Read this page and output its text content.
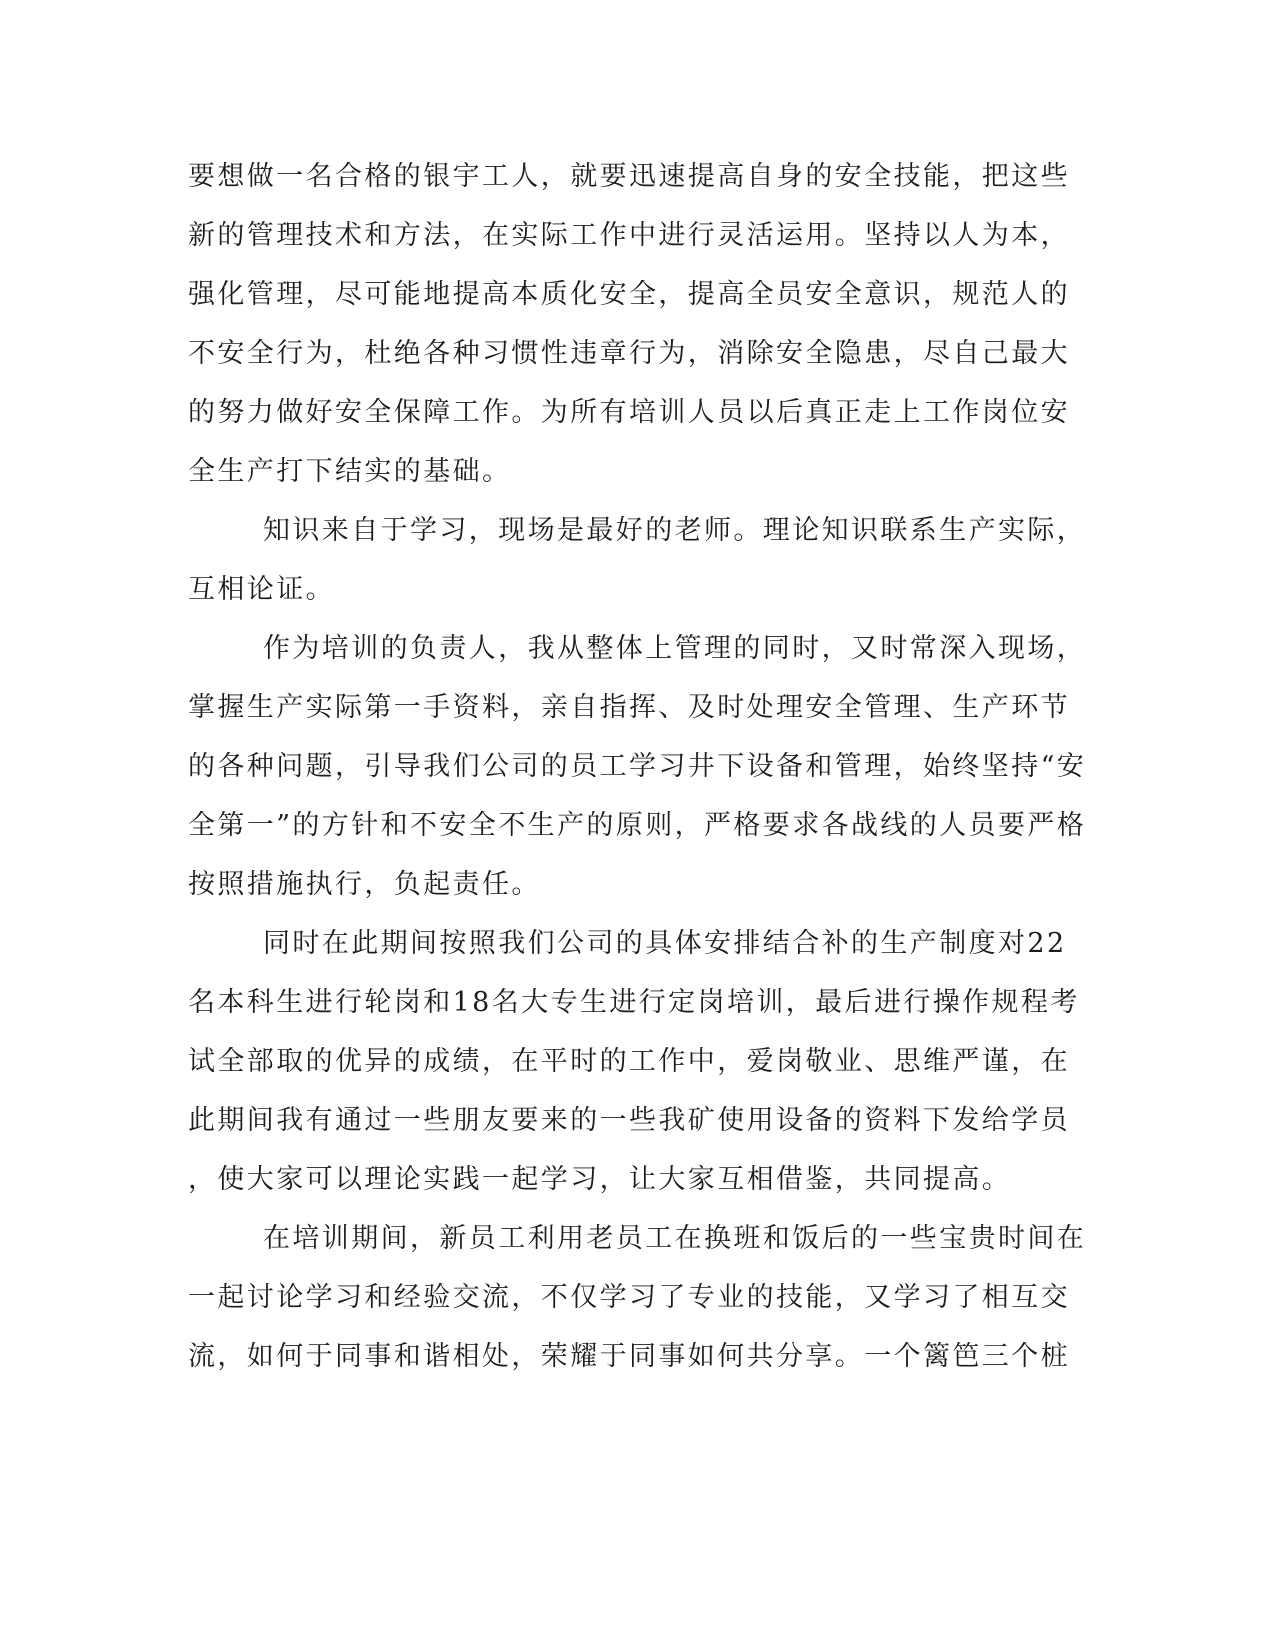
要想做一名合格的银宇工人，就要迅速提高自身的安全技能，把这些
新的管理技术和方法，在实际工作中进行灵活运用。坚持以人为本，
强化管理，尽可能地提高本质化安全，提高全员安全意识，规范人的
不安全行为，杜绝各种习惯性违章行为，消除安全隐患，尽自己最大
的努力做好安全保障工作。为所有培训人员以后真正走上工作岗位安
全生产打下结实的基础。
知识来自于学习，现场是最好的老师。理论知识联系生产实际，
互相论证。
作为培训的负责人，我从整体上管理的同时，又时常深入现场，
掌握生产实际第一手资料，亲自指挥、及时处理安全管理、生产环节
的各种问题，引导我们公司的员工学习井下设备和管理，始终坚持“安
全第一”的方针和不安全不生产的原则，严格要求各战线的人员要严格
按照措施执行，负起责任。
同时在此期间按照我们公司的具体安排结合补的生产制度对22
名本科生进行轮岗和18名大专生进行定岗培训，最后进行操作规程考
试全部取的优异的成绩，在平时的工作中，爱岗敬业、思维严谨，在
此期间我有通过一些朋友要来的一些我矿使用设备的资料下发给学员
，使大家可以理论实践一起学习，让大家互相借鉴，共同提高。
在培训期间，新员工利用老员工在换班和饭后的一些宝贵时间在
一起讨论学习和经验交流，不仅学习了专业的技能，又学习了相互交
流，如何于同事和谐相处，荣耀于同事如何共分享。一个篱笆三个桩
